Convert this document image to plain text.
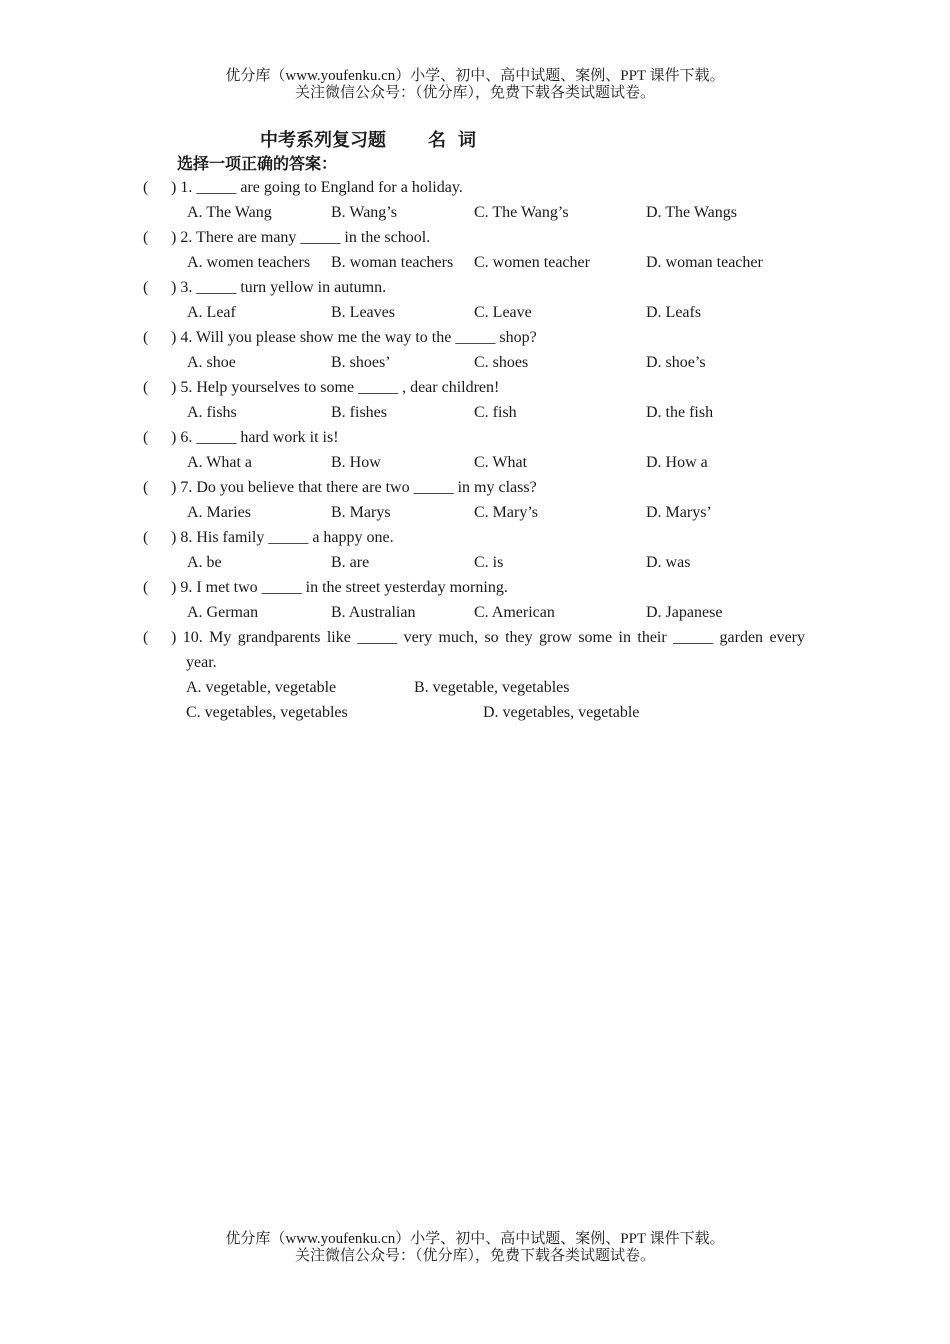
优分库（www.youfenku.cn）小学、初中、高中试题、案例、PPT 课件下载。
关注微信公众号：（优分库），免费下载各类试题试卷。
中考系列复习题 名 词
选择一项正确的答案：
( ) 1. _____ are going to England for a holiday.
A. The Wang	B. Wang’s	C. The Wang’s	D. The Wangs
( ) 2. There are many _____ in the school.
A. women teachers B. woman teachers C. women teacher	D. woman teacher
( ) 3. _____ turn yellow in autumn.
A. Leaf	B. Leaves	C. Leave	D. Leafs
( ) 4. Will you please show me the way to the _____ shop?
A. shoe	B. shoes’	C. shoes	D. shoe’s
( ) 5. Help yourselves to some _____ , dear children!
A. fishs	B. fishes	C. fish	D. the fish
( ) 6. _____ hard work it is!
A. What a	B. How	C. What	D. How a
( ) 7. Do you believe that there are two _____ in my class?
A. Maries	B. Marys	C. Mary’s	D. Marys’
( ) 8. His family _____ a happy one.
A. be	B. are	C. is	D. was
( ) 9. I met two _____ in the street yesterday morning.
A. German	B. Australian	C. American	D. Japanese
( ) 10. My grandparents like _____ very much, so they grow some in their _____ garden every
year.
A. vegetable, vegetable	B. vegetable, vegetables
C. vegetables, vegetables	D. vegetables, vegetable
优分库（www.youfenku.cn）小学、初中、高中试题、案例、PPT 课件下载。
关注微信公众号：（优分库），免费下载各类试题试卷。
